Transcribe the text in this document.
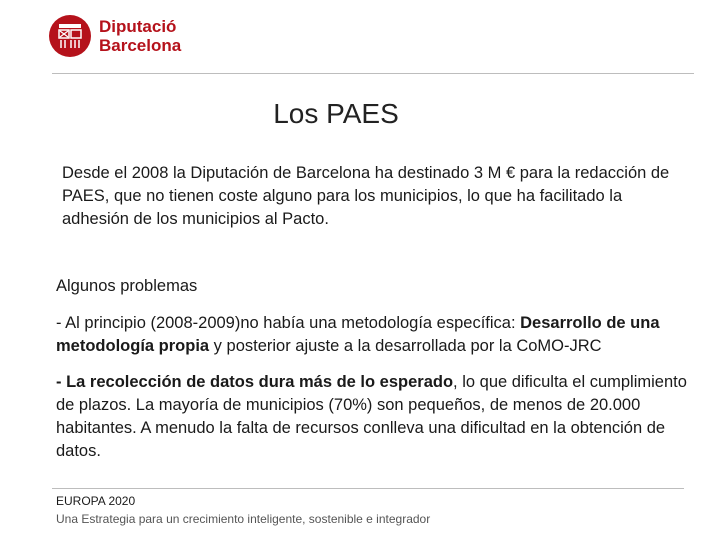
Diputació
Barcelona
Los PAES
Desde el 2008 la Diputación de Barcelona ha destinado 3 M € para la redacción de PAES, que no tienen coste alguno para los municipios, lo que ha facilitado la adhesión de los municipios al Pacto.
Algunos problemas
- Al principio (2008-2009)no había una metodología específica: Desarrollo de una metodología propia y posterior ajuste a la desarrollada por la CoMO-JRC
- La recolección de datos dura más de lo esperado, lo que dificulta el cumplimiento de plazos. La mayoría de municipios (70%) son pequeños, de menos de 20.000 habitantes. A menudo la falta de recursos conlleva una dificultad en la obtención de datos.
EUROPA 2020
Una Estrategia para un crecimiento inteligente, sostenible e integrador
